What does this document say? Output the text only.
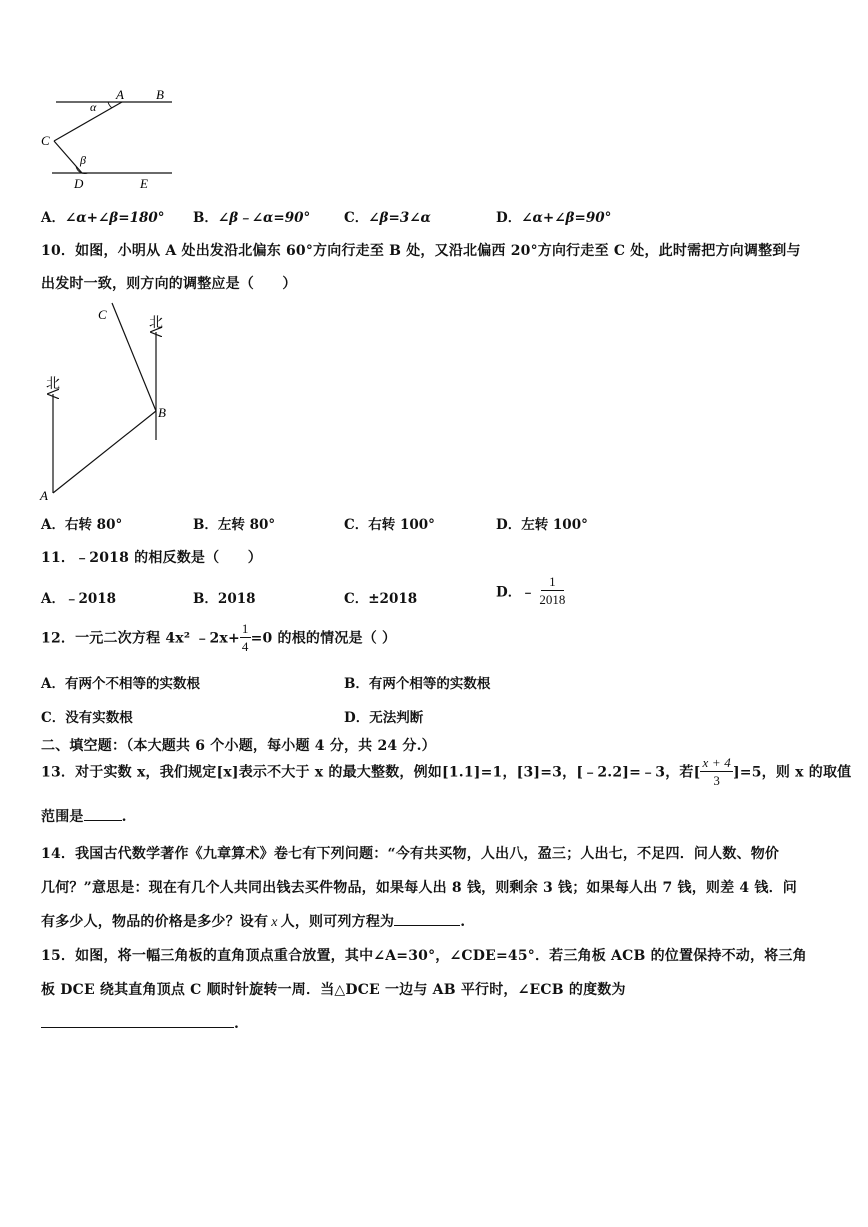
α
A B
C
β
D	E
A．∠α+∠β=180° B．∠β﹣∠α=90°	C．∠β=3∠α	D．∠α+∠β=90°
10．如图，小明从 A 处出发沿北偏东 60°方向行走至 B 处，又沿北偏西 20°方向行走至 C 处，此时需把方向调整到与
出发时一致，则方向的调整应是（　　）
北
北
A
B
C
A．右转 80°	B．左转 80°	C．右转 100°	D．左转 100°
11．﹣2018 的相反数是（　　）
A．﹣2018	B．2018	C．±2018	D．﹣ $\frac{1}{2018}$
12．一元二次方程 4x² ﹣2x+ $\frac{1}{4} =0$ 的根的情况是（ ）
A．有两个不相等的实数根	B．有两个相等的实数根
C．没有实数根	D．无法判断
二、填空题：（本大题共 6 个小题，每小题 4 分，共 24 分.）
13．对于实数 x，我们规定[x]表示不大于 x 的最大整数，例如[1.1]=1，[3]=3，[﹣2.2]=﹣3，若[ $\frac{x + 4}{3} ]=5$，则 x 的取值
范围是	.
14．我国古代数学著作《九章算术》卷七有下列问题：“今有共买物，人出八，盈三；人出七，不足四．问人数、物价
几何？”意思是：现在有几个人共同出钱去买件物品，如果每人出 8 钱，则剩余 3 钱；如果每人出 7 钱，则差 4 钱．问
有多少人，物品的价格是多少？设有 x 人，则可列方程为	.
15．如图，将一幅三角板的直角顶点重合放置，其中∠A=30°，∠CDE=45°．若三角板 ACB 的位置保持不动，将三角
板 DCE 绕其直角顶点 C 顺时针旋转一周．当△DCE 一边与 AB 平行时，∠ECB 的度数为
.
